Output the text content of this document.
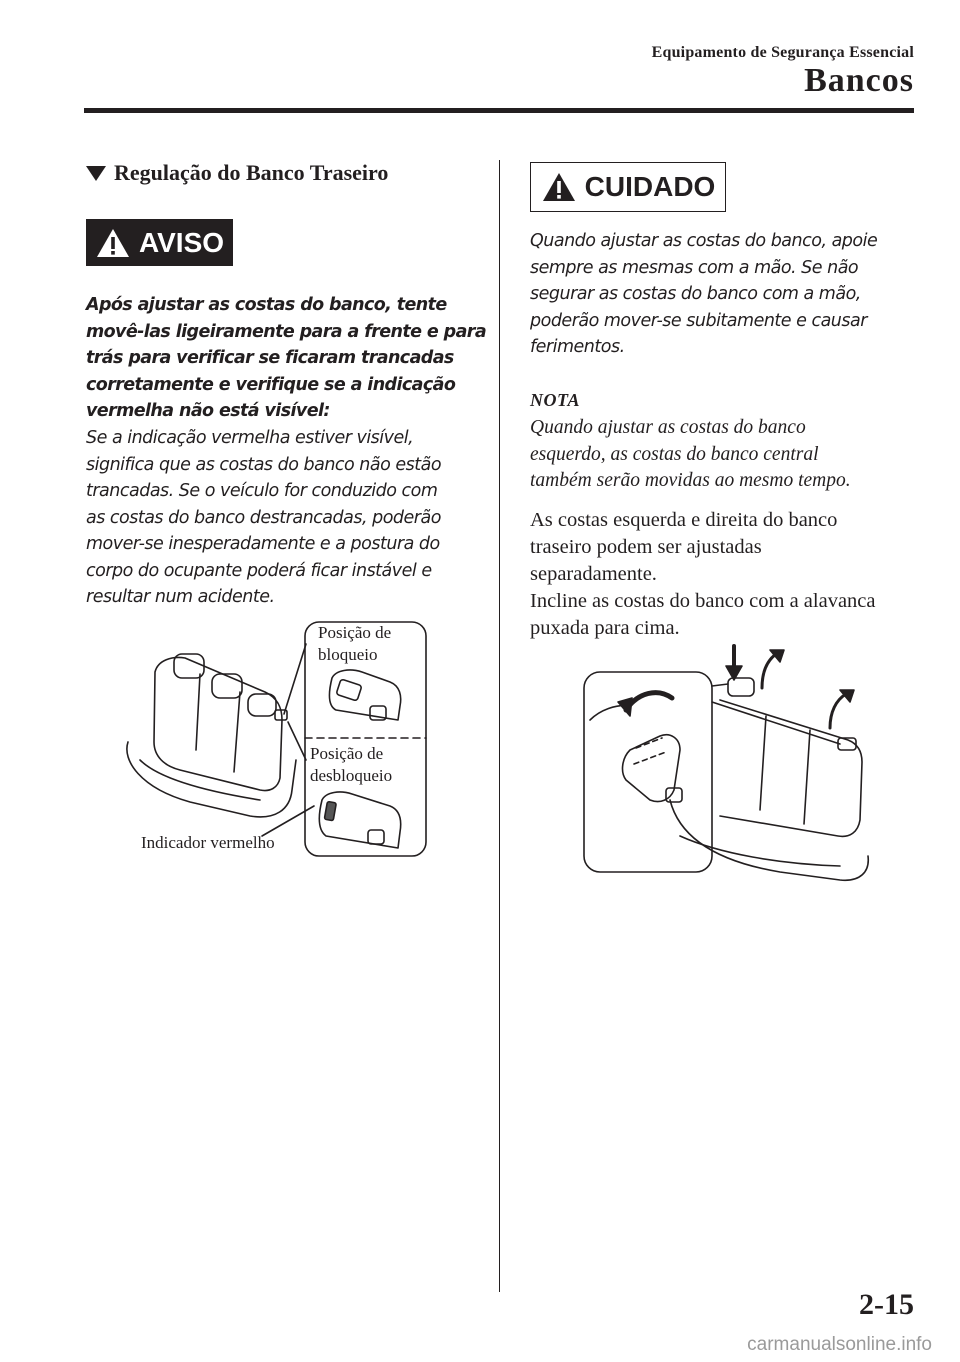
Equipamento de Segurança Essencial
Bancos
Regulação do Banco Traseiro
AVISO
Após ajustar as costas do banco, tente
movê-las ligeiramente para a frente e para
trás para verificar se ficaram trancadas
corretamente e verifique se a indicação
vermelha não está visível:
Se a indicação vermelha estiver visível,
significa que as costas do banco não estão
trancadas. Se o veículo for conduzido com
as costas do banco destrancadas, poderão
mover-se inesperadamente e a postura do
corpo do ocupante poderá ficar instável e
resultar num acidente.
Posição de
bloqueio
Posição de
desbloqueio
Indicador vermelho
CUIDADO
Quando ajustar as costas do banco, apoie
sempre as mesmas com a mão. Se não
segurar as costas do banco com a mão,
poderão mover-se subitamente e causar
ferimentos.
NOTA
Quando ajustar as costas do banco
esquerdo, as costas do banco central
também serão movidas ao mesmo tempo.
As costas esquerda e direita do banco
traseiro podem ser ajustadas
separadamente.
Incline as costas do banco com a alavanca
puxada para cima.
2-15
carmanualsonline.info
